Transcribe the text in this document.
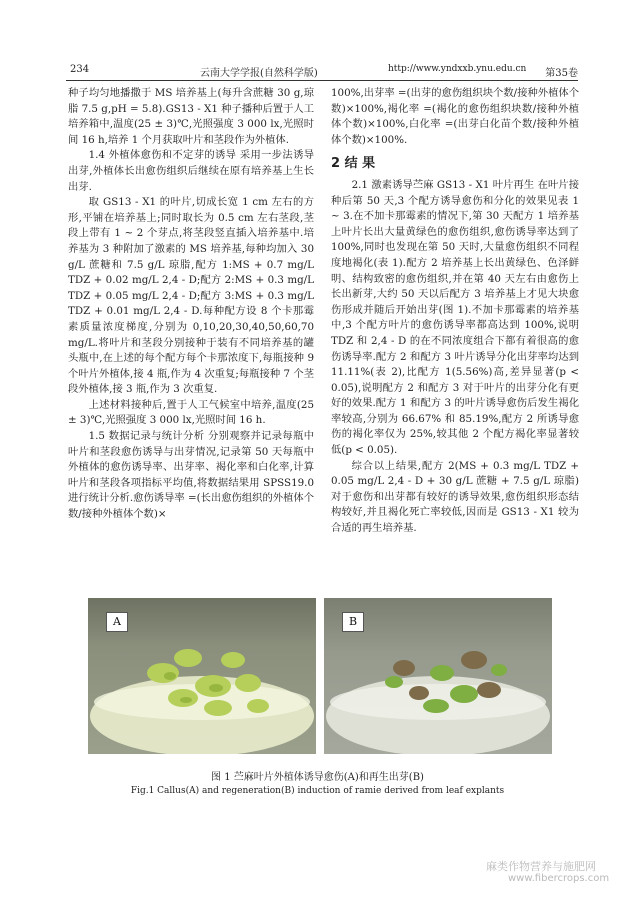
234	云南大学学报(自然科学版)	http://www.yndxxb.ynu.edu.cn 第35卷

种子均匀地播撒于 MS 培养基上(每升含蔗糖 30 g,琼脂 7.5 g,pH = 5.8).GS13 - X1 种子播种后置于人工培养箱中,温度(25 ± 3)℃,光照强度 3 000 lx,光照时间 16 h,培养 1 个月获取叶片和茎段作为外植体.

1.4 外植体愈伤和不定芽的诱导 采用一步法诱导出芽,外植体长出愈伤组织后继续在原有培养基上生长出芽.

取 GS13 - X1 的叶片,切成长宽 1 cm 左右的方形,平铺在培养基上;同时取长为 0.5 cm 左右茎段,茎段上带有 1 ~ 2 个芽点,将茎段竖直插入培养基中.培养基为 3 种附加了激素的 MS 培养基,每种均加入 30 g/L 蔗糖和 7.5 g/L 琼脂,配方 1:MS + 0.7 mg/L TDZ + 0.02 mg/L 2,4 - D;配方 2:MS + 0.3 mg/L TDZ + 0.05 mg/L 2,4 - D;配方 3:MS + 0.3 mg/L TDZ + 0.01 mg/L 2,4 - D.每种配方设 8 个卡那霉素质量浓度梯度,分别为 0,10,20,30,40,50,60,70 mg/L.将叶片和茎段分别接种于装有不同培养基的罐头瓶中,在上述的每个配方每个卡那浓度下,每瓶接种 9 个叶片外植体,接 4 瓶,作为 4 次重复;每瓶接种 7 个茎段外植体,接 3 瓶,作为 3 次重复.

上述材料接种后,置于人工气候室中培养,温度(25 ± 3)℃,光照强度 3 000 lx,光照时间 16 h.

1.5 数据记录与统计分析 分别观察并记录每瓶中叶片和茎段愈伤诱导与出芽情况,记录第 50 天每瓶中外植体的愈伤诱导率、出芽率、褐化率和白化率,计算叶片和茎段各项指标平均值,将数据结果用 SPSS19.0 进行统计分析.愈伤诱导率 =(长出愈伤组织的外植体个数/接种外植体个数)×

100%,出芽率 =(出芽的愈伤组织块个数/接种外植体个数)×100%,褐化率 =(褐化的愈伤组织块数/接种外植体个数)×100%,白化率 =(出芽白化苗个数/接种外植体个数)×100%.

2 结 果

2.1 激素诱导苎麻 GS13 - X1 叶片再生 在叶片接种后第 50 天,3 个配方诱导愈伤和分化的效果见表 1 ~ 3.在不加卡那霉素的情况下,第 30 天配方 1 培养基上叶片长出大量黄绿色的愈伤组织,愈伤诱导率达到了 100%,同时也发现在第 50 天时,大量愈伤组织不同程度地褐化(表 1).配方 2 培养基上长出黄绿色、色泽鲜明、结构致密的愈伤组织,并在第 40 天左右由愈伤上长出新芽,大约 50 天以后配方 3 培养基上才见大块愈伤形成并随后开始出芽(图 1).不加卡那霉素的培养基中,3 个配方叶片的愈伤诱导率都高达到 100%,说明 TDZ 和 2,4 - D 的在不同浓度组合下都有着很高的愈伤诱导率.配方 2 和配方 3 叶片诱导分化出芽率均达到 11.11%(表 2),比配方 1(5.56%)高,差异显著(p < 0.05),说明配方 2 和配方 3 对于叶片的出芽分化有更好的效果.配方 1 和配方 3 的叶片诱导愈伤后发生褐化率较高,分别为 66.67% 和 85.19%,配方 2 所诱导愈伤的褐化率仅为 25%,较其他 2 个配方褐化率显著较低(p < 0.05).

综合以上结果,配方 2(MS + 0.3 mg/L TDZ + 0.05 mg/L 2,4 - D + 30 g/L 蔗糖 + 7.5 g/L 琼脂)对于愈伤和出芽都有较好的诱导效果,愈伤组织形态结构较好,并且褐化死亡率较低,因而是 GS13 - X1 较为合适的再生培养基.

A	B
图 1 苎麻叶片外植体诱导愈伤(A)和再生出芽(B)
Fig.1 Callus(A) and regeneration(B) induction of ramie derived from leaf explants
麻类作物营养与施肥网
www.fibercrops.com
